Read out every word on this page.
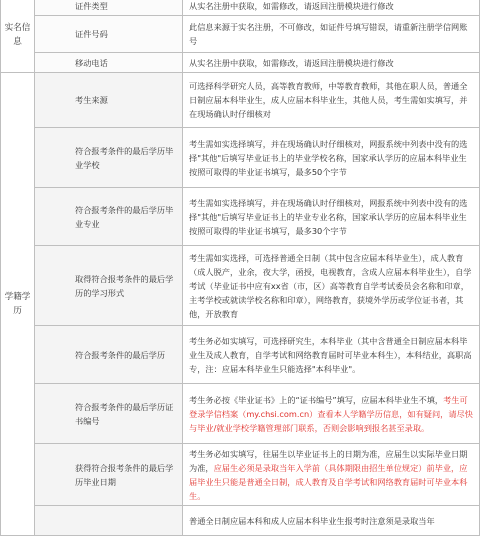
实名信息	证件类型	从实名注册中获取，如需修改，请返回注册模块进行修改
	证件号码	此信息来源于实名注册，不可修改，如证件号填写错误，请重新注册学信网账号
	移动电话	从实名注册中获取，如需修改，请返回注册模块进行修改
学籍学历	考生来源	可选择科学研究人员，高等教育教师，中等教育教师，其他在职人员，普通全日制应届本科毕业生，成人应届本科毕业生，其他人员，考生需如实填写，并在现场确认时仔细核对
	符合报考条件的最后学历毕业学校	考生需如实选择填写，并在现场确认时仔细核对，网报系统中列表中没有的选择"其他"后填写毕业证书上的毕业学校名称，国家承认学历的应届本科毕业生按照可取得的毕业证书填写，最多50个字节
	符合报考条件的最后学历毕业专业	考生需如实选择填写，并在现场确认时仔细核对，网报系统中列表中没有的选择"其他"后填写毕业证书上的毕业专业名称，国家承认学历的应届本科毕业生按照可取得的毕业证书填写，最多30个字节
	取得符合报考条件的最后学历的学习形式	考生需如实选择，可选择普通全日制（其中包含应届本科毕业生），成人教育（成人脱产，业余，夜大学，函授，电视教育，含成人应届本科毕业生），自学考试（毕业证书中应有xx省（市，区）高等教育自学考试委员会名称和印章，主考学校或就读学校名称和印章），网络教育，获境外学历或学位证书者，其他，开放教育
	符合报考条件的最后学历	考生务必如实填写，可选择研究生，本科毕业（其中含普通全日制应届本科毕业生及成人教育，自学考试和网络教育届时可毕业本科生），本科结业，高职高专，注：应届本科毕业生只能选择"本科毕业"。
	符合报考条件的最后学历证书编号	考生务必按《毕业证书》上的“证书编号”填写，应届本科毕业生不填，考生可登录学信档案（my.chsi.com.cn）查看本人学籍学历信息，如有疑问，请尽快与毕业/就业学校学籍管理部门联系，否则会影响到报名甚至录取。
	获得符合报考条件的最后学历毕业日期	考生务必如实填写，往届生以毕业证书上的日期为准，应届生以实际毕业日期为准，应届生必须是录取当年入学前（具体期限由招生单位规定）前毕业，应届毕业生只能是普通全日制，成人教育及自学考试和网络教育届时可毕业本科生。
		普通全日制应届本科和成人应届本科毕业生报考时注意须是录取当年
